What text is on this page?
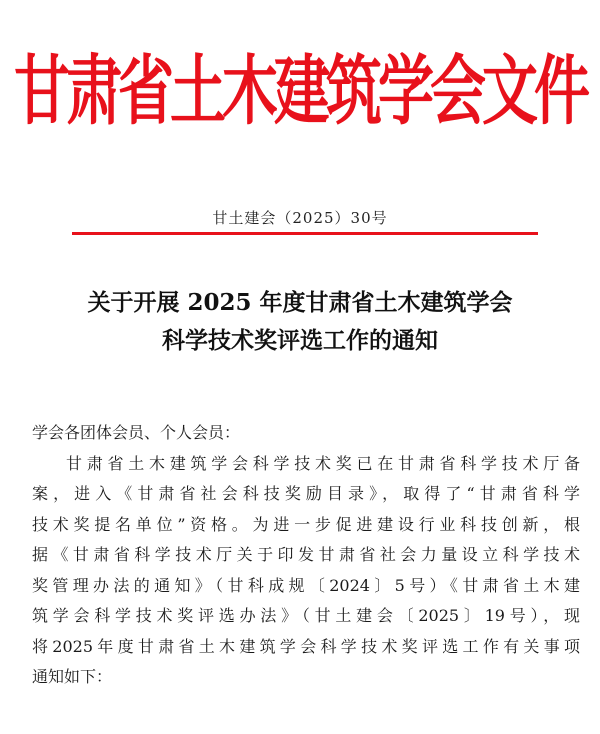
甘肃省土木建筑学会文件
甘土建会（2025）30号
关于开展 2025 年度甘肃省土木建筑学会
科学技术奖评选工作的通知
学会各团体会员、个人会员：
甘肃省土木建筑学会科学技术奖已在甘肃省科学技术厅备
案，进入《甘肃省社会科技奖励目录》，取得了“甘肃省科学
技术奖提名单位”资格。为进一步促进建设行业科技创新，根
据《甘肃省科学技术厅关于印发甘肃省社会力量设立科学技术
奖管理办法的通知》（甘科成规〔2024〕5号）《甘肃省土木建
筑学会科学技术奖评选办法》（甘土建会〔2025〕19号），现
将2025年度甘肃省土木建筑学会科学技术奖评选工作有关事项
通知如下：
